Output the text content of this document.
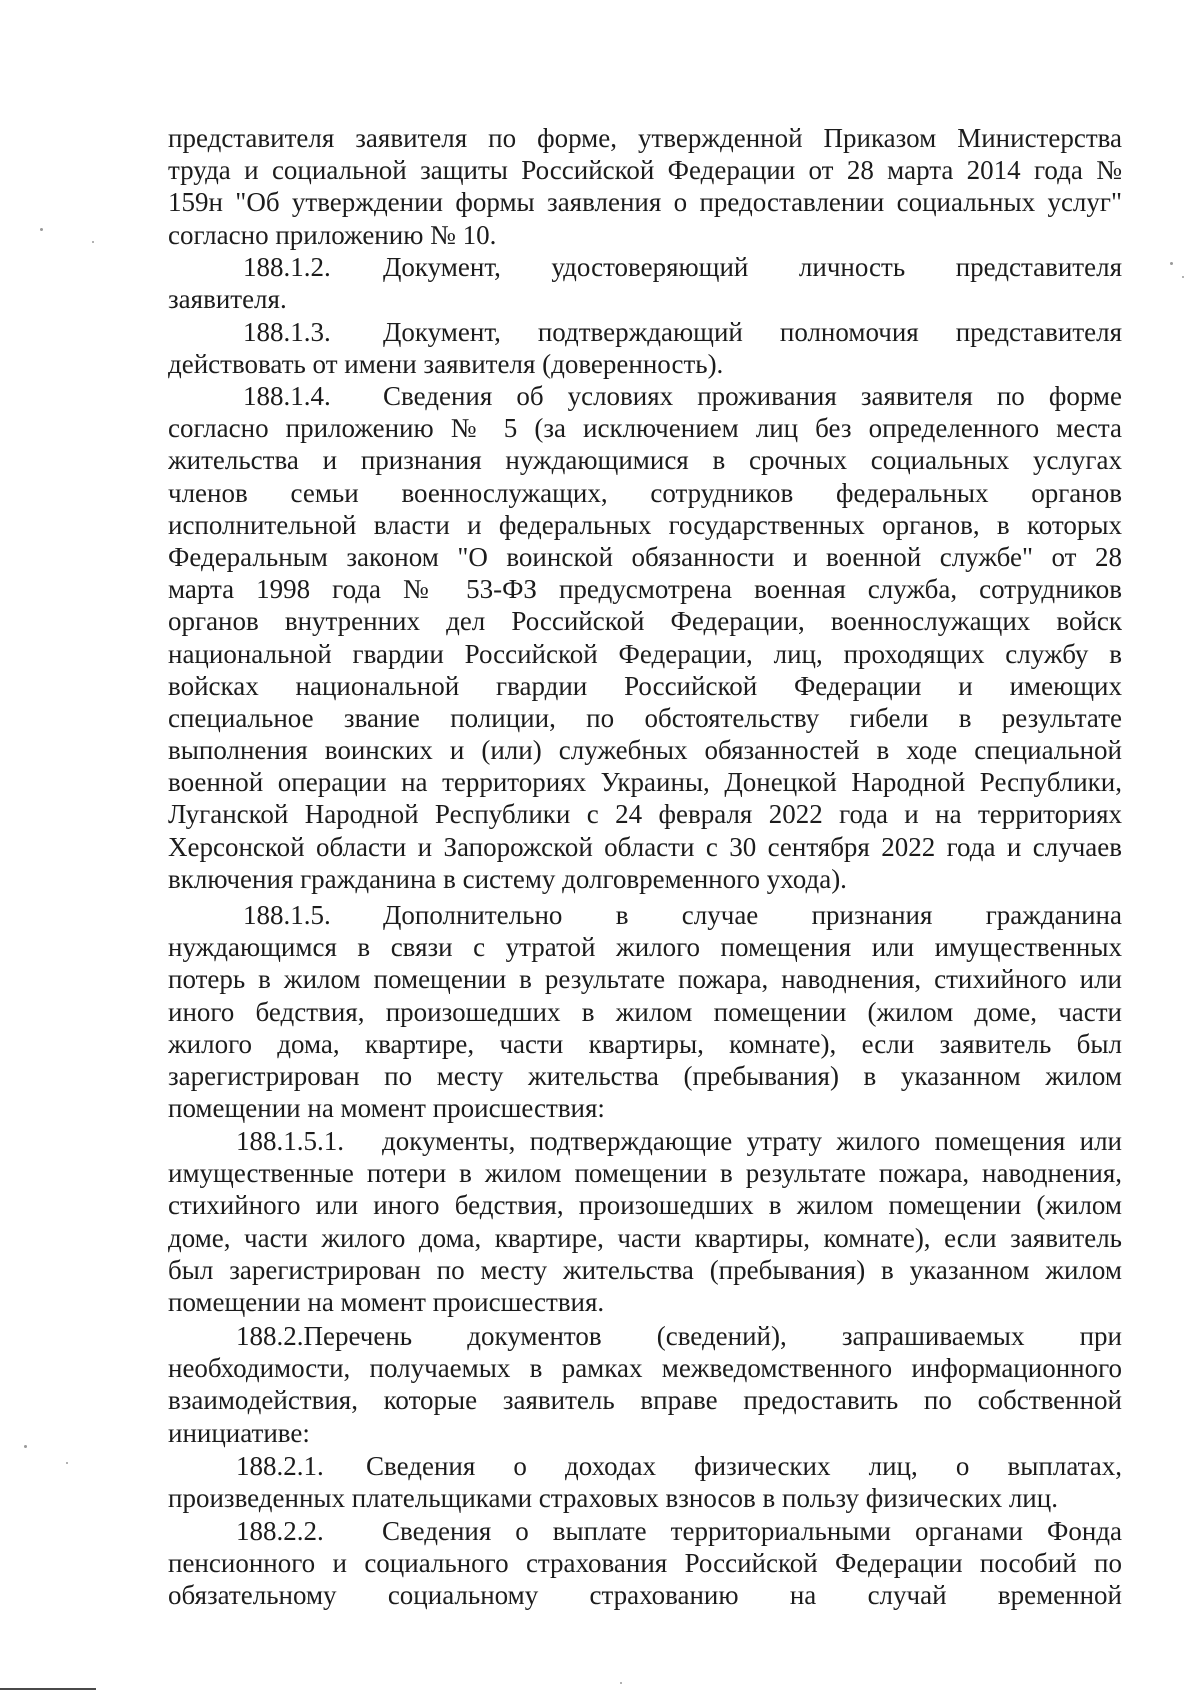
представителя заявителя по форме, утвержденной Приказом Министерства
труда и социальной защиты Российской Федерации от 28 марта 2014 года №
159н "Об утверждении формы заявления о предоставлении социальных услуг"
согласно приложению № 10.
188.1.2. Документ, удостоверяющий личность представителя
заявителя.
188.1.3. Документ, подтверждающий полномочия представителя
действовать от имени заявителя (доверенность).
188.1.4. Сведения об условиях проживания заявителя по форме
согласно приложению № 5 (за исключением лиц без определенного места
жительства и признания нуждающимися в срочных социальных услугах
членов семьи военнослужащих, сотрудников федеральных органов
исполнительной власти и федеральных государственных органов, в которых
Федеральным законом "О воинской обязанности и военной службе" от 28
марта 1998 года № 53-ФЗ предусмотрена военная служба, сотрудников
органов внутренних дел Российской Федерации, военнослужащих войск
национальной гвардии Российской Федерации, лиц, проходящих службу в
войсках национальной гвардии Российской Федерации и имеющих
специальное звание полиции, по обстоятельству гибели в результате
выполнения воинских и (или) служебных обязанностей в ходе специальной
военной операции на территориях Украины, Донецкой Народной Республики,
Луганской Народной Республики с 24 февраля 2022 года и на территориях
Херсонской области и Запорожской области с 30 сентября 2022 года и случаев
включения гражданина в систему долговременного ухода).
188.1.5. Дополнительно в случае признания гражданина
нуждающимся в связи с утратой жилого помещения или имущественных
потерь в жилом помещении в результате пожара, наводнения, стихийного или
иного бедствия, произошедших в жилом помещении (жилом доме, части
жилого дома, квартире, части квартиры, комнате), если заявитель был
зарегистрирован по месту жительства (пребывания) в указанном жилом
помещении на момент происшествия:
188.1.5.1. документы, подтверждающие утрату жилого помещения или
имущественные потери в жилом помещении в результате пожара, наводнения,
стихийного или иного бедствия, произошедших в жилом помещении (жилом
доме, части жилого дома, квартире, части квартиры, комнате), если заявитель
был зарегистрирован по месту жительства (пребывания) в указанном жилом
помещении на момент происшествия.
188.2.Перечень документов (сведений), запрашиваемых при
необходимости, получаемых в рамках межведомственного информационного
взаимодействия, которые заявитель вправе предоставить по собственной
инициативе:
188.2.1. Сведения о доходах физических лиц, о выплатах,
произведенных плательщиками страховых взносов в пользу физических лиц.
188.2.2. Сведения о выплате территориальными органами Фонда
пенсионного и социального страхования Российской Федерации пособий по
обязательному социальному страхованию на случай временной
